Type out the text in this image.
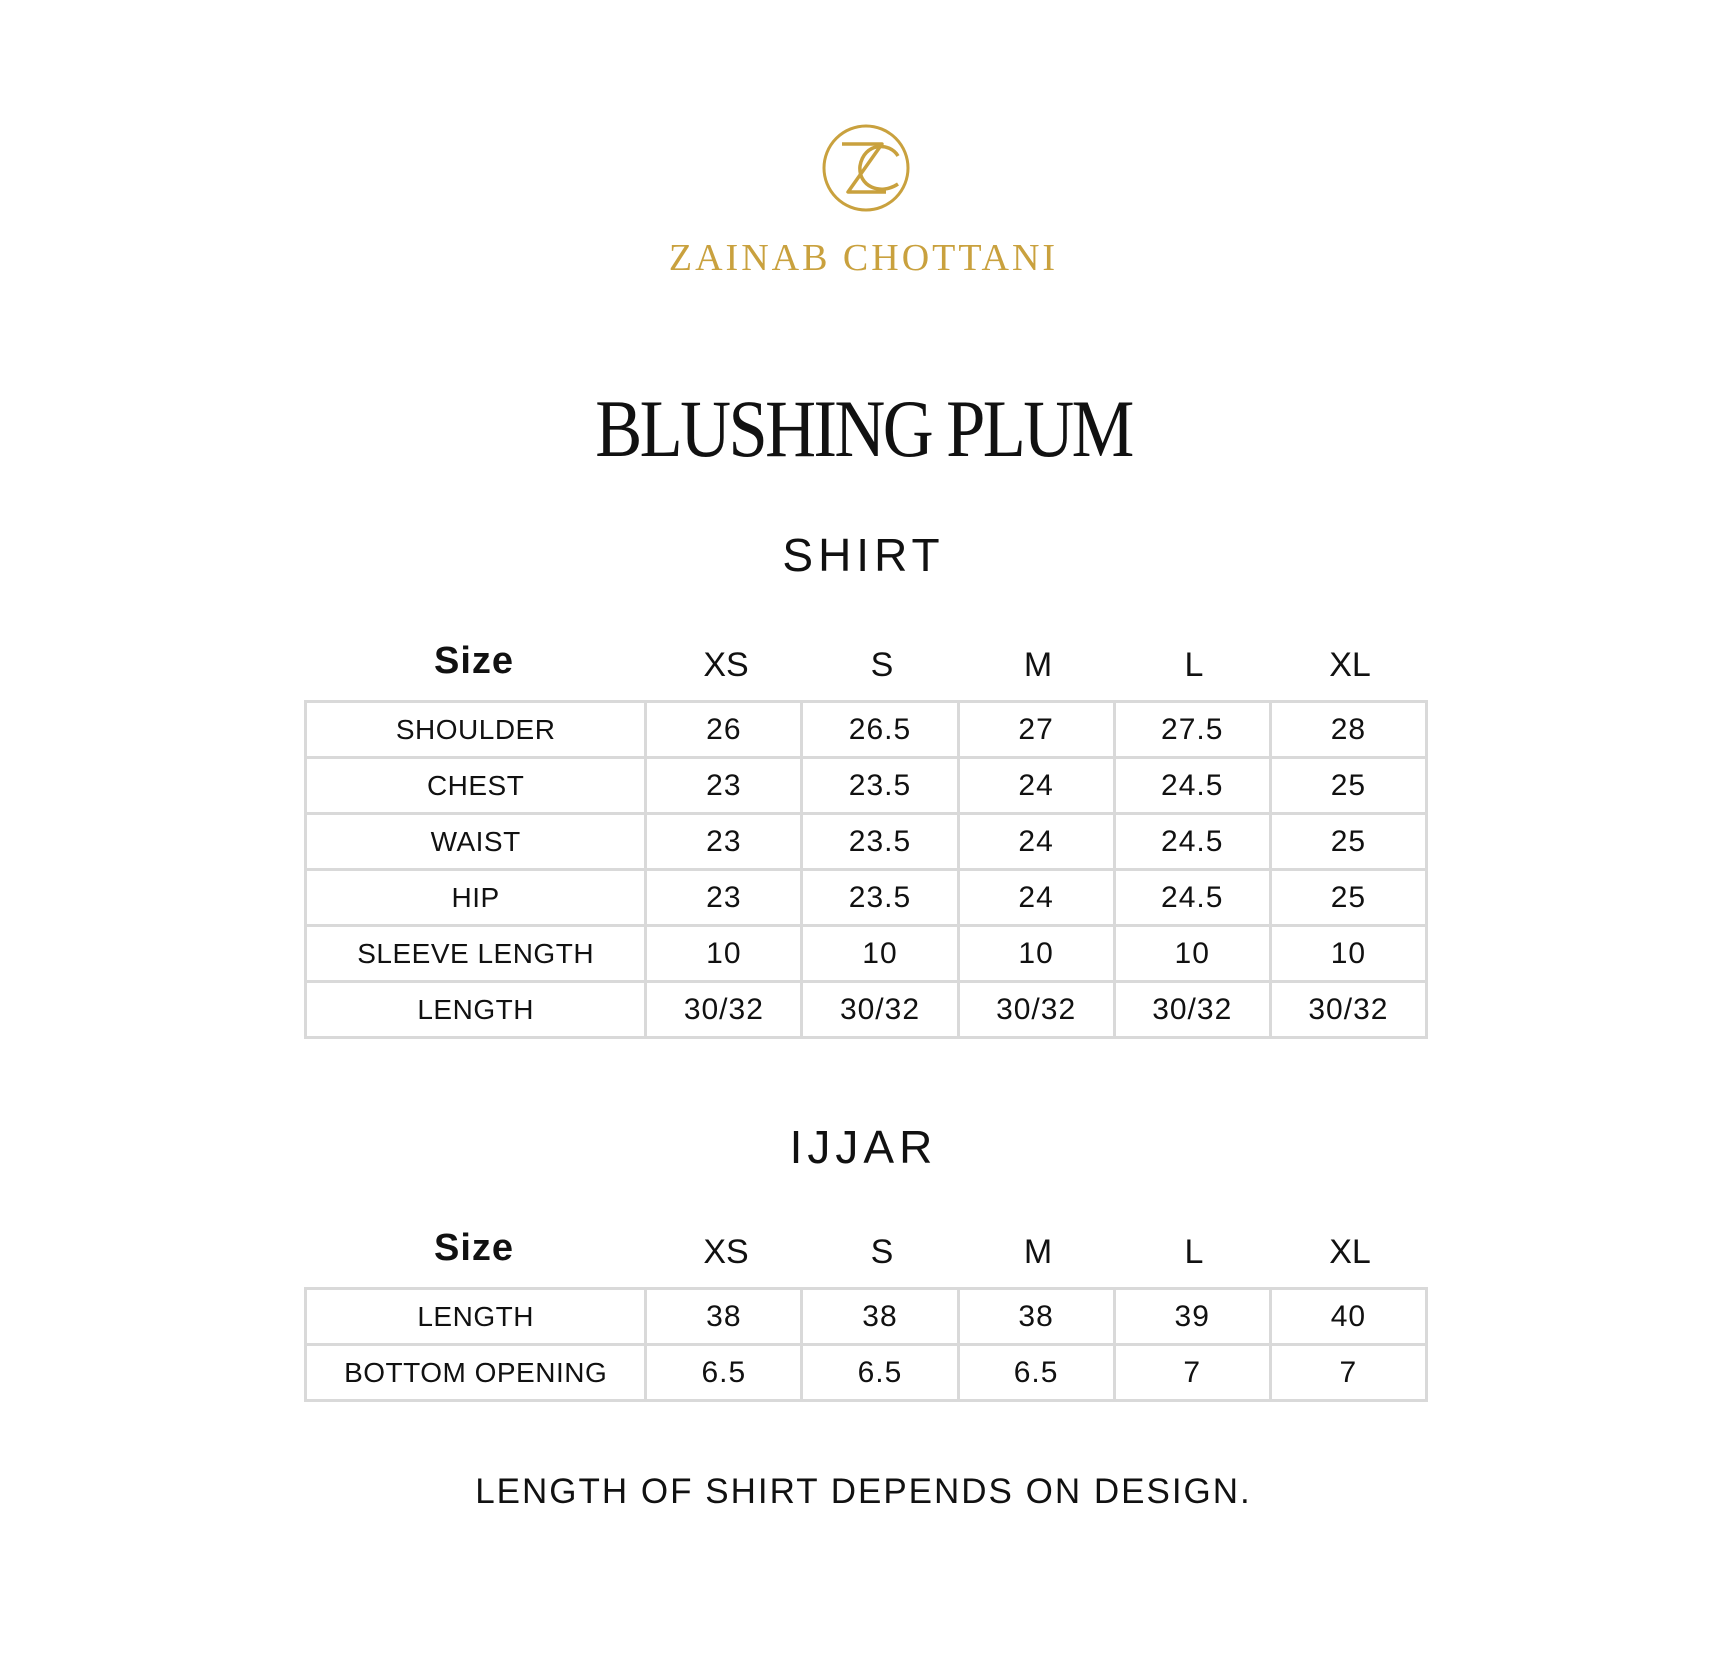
ZAINAB CHOTTANI
BLUSHING PLUM
SHIRT
Size	XS	S	M	L	XL
SHOULDER	26	26.5	27	27.5	28
CHEST	23	23.5	24	24.5	25
WAIST	23	23.5	24	24.5	25
HIP	23	23.5	24	24.5	25
SLEEVE LENGTH	10	10	10	10	10
LENGTH	30/32	30/32	30/32	30/32	30/32
IJJAR
Size	XS	S	M	L	XL
LENGTH	38	38	38	39	40
BOTTOM OPENING	6.5	6.5	6.5	7	7
LENGTH OF SHIRT DEPENDS ON DESIGN.
